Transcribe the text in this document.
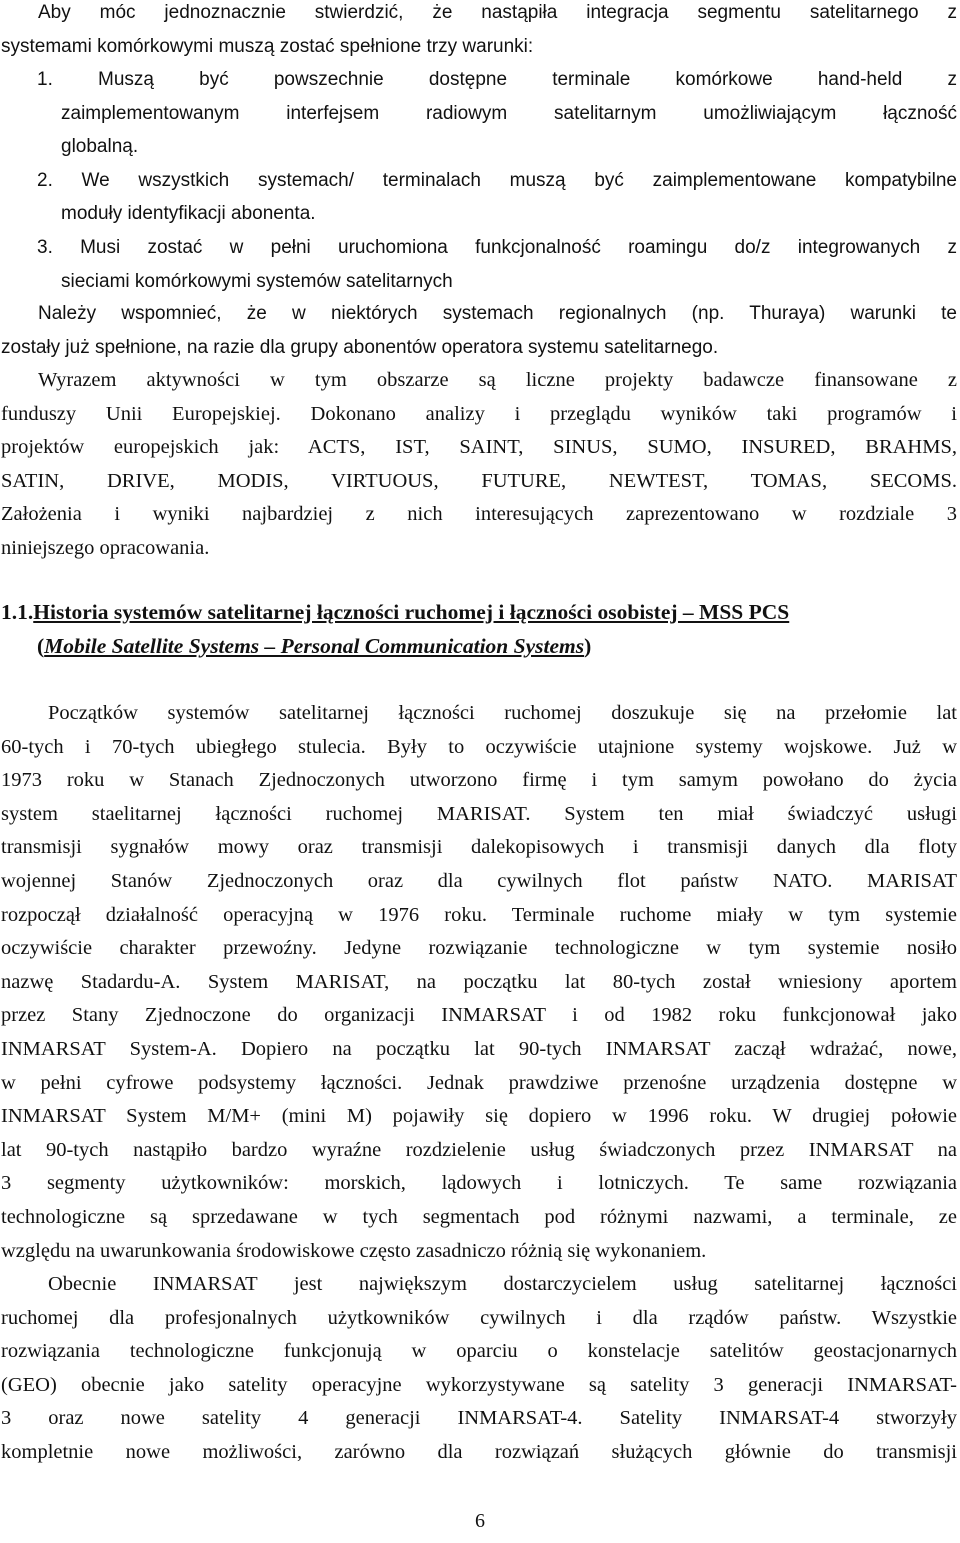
Aby móc jednoznacznie stwierdzić, że nastąpiła integracja segmentu satelitarnego z
systemami komórkowymi muszą zostać spełnione trzy warunki:
1. Muszą być powszechnie dostępne terminale komórkowe hand-held z
zaimplementowanym interfejsem radiowym satelitarnym umożliwiającym łączność
globalną.
2. We wszystkich systemach/ terminalach muszą być zaimplementowane kompatybilne
moduły identyfikacji abonenta.
3. Musi zostać w pełni uruchomiona funkcjonalność roamingu do/z integrowanych z
sieciami komórkowymi systemów satelitarnych
Należy wspomnieć, że w niektórych systemach regionalnych (np. Thuraya) warunki te
zostały już spełnione, na razie dla grupy abonentów operatora systemu satelitarnego.
Wyrazem aktywności w tym obszarze są liczne projekty badawcze finansowane z
funduszy Unii Europejskiej. Dokonano analizy i przeglądu wyników taki programów i
projektów europejskich jak: ACTS, IST, SAINT, SINUS, SUMO, INSURED, BRAHMS,
SATIN, DRIVE, MODIS, VIRTUOUS, FUTURE, NEWTEST, TOMAS, SECOMS.
Założenia i wyniki najbardziej z nich interesujących zaprezentowano w rozdziale 3
niniejszego opracowania.
1.1.Historia systemów satelitarnej łączności ruchomej i łączności osobistej – MSS PCS
(Mobile Satellite Systems – Personal Communication Systems)
Początków systemów satelitarnej łączności ruchomej doszukuje się na przełomie lat
60-tych i 70-tych ubiegłego stulecia. Były to oczywiście utajnione systemy wojskowe. Już w
1973 roku w Stanach Zjednoczonych utworzono firmę i tym samym powołano do życia
system staelitarnej łączności ruchomej MARISAT. System ten miał świadczyć usługi
transmisji sygnałów mowy oraz transmisji dalekopisowych i transmisji danych dla floty
wojennej Stanów Zjednoczonych oraz dla cywilnych flot państw NATO. MARISAT
rozpoczął działalność operacyjną w 1976 roku. Terminale ruchome miały w tym systemie
oczywiście charakter przewoźny. Jedyne rozwiązanie technologiczne w tym systemie nosiło
nazwę Stadardu-A. System MARISAT, na początku lat 80-tych został wniesiony aportem
przez Stany Zjednoczone do organizacji INMARSAT i od 1982 roku funkcjonował jako
INMARSAT System-A. Dopiero na początku lat 90-tych INMARSAT zaczął wdrażać, nowe,
w pełni cyfrowe podsystemy łączności. Jednak prawdziwe przenośne urządzenia dostępne w
INMARSAT System M/M+ (mini M) pojawiły się dopiero w 1996 roku. W drugiej połowie
lat 90-tych nastąpiło bardzo wyraźne rozdzielenie usług świadczonych przez INMARSAT na
3 segmenty użytkowników: morskich, lądowych i lotniczych. Te same rozwiązania
technologiczne są sprzedawane w tych segmentach pod różnymi nazwami, a terminale, ze
względu na uwarunkowania środowiskowe często zasadniczo różnią się wykonaniem.
Obecnie INMARSAT jest największym dostarczycielem usług satelitarnej łączności
ruchomej dla profesjonalnych użytkowników cywilnych i dla rządów państw. Wszystkie
rozwiązania technologiczne funkcjonują w oparciu o konstelacje satelitów geostacjonarnych
(GEO) obecnie jako satelity operacyjne wykorzystywane są satelity 3 generacji INMARSAT-
3 oraz nowe satelity 4 generacji INMARSAT-4. Satelity INMARSAT-4 stworzyły
kompletnie nowe możliwości, zarówno dla rozwiązań służących głównie do transmisji
6
